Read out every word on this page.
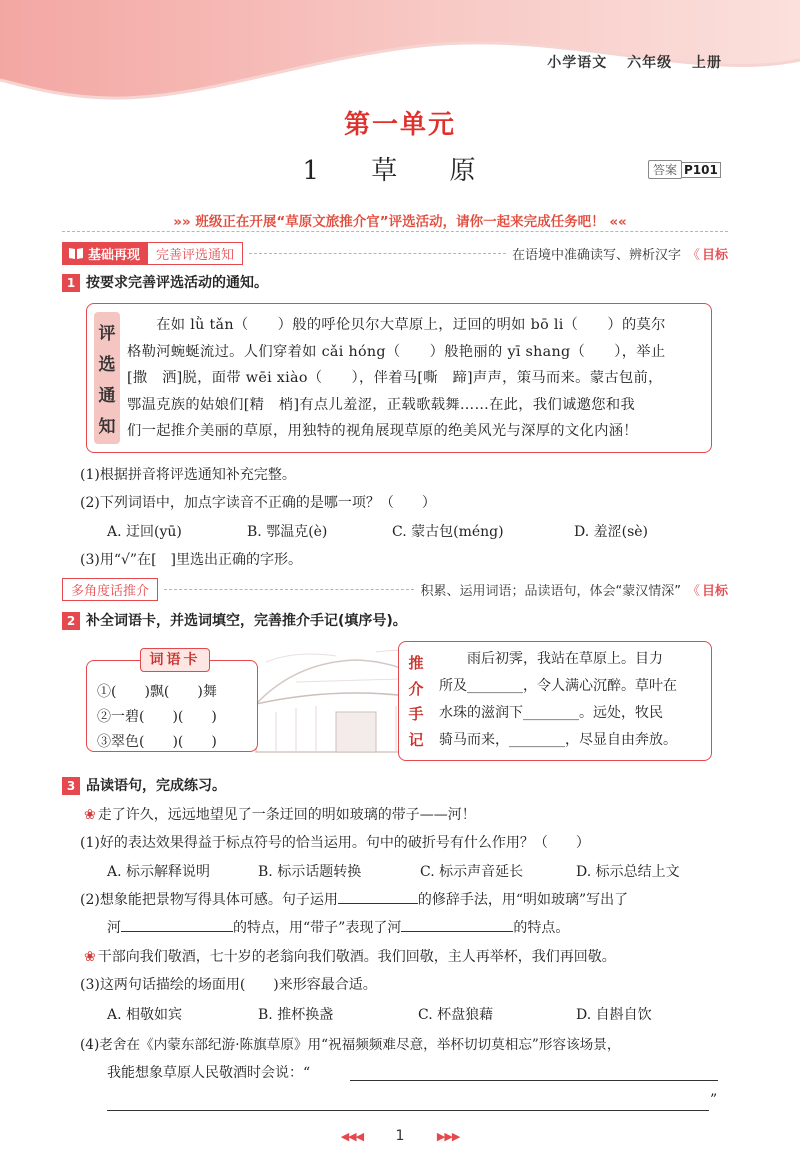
小学语文 六年级 上册
第一单元
1 草 原	答案 P101
»» 班级正在开展“草原文旅推介官”评选活动，请你一起来完成任务吧！ ««
基础再现	完善评选通知	在语境中准确读写、辨析汉字	《 目标
1 按要求完善评选活动的通知。
评
选
通
知
　　在如 lǜ tǎn（　　）般的呼伦贝尔大草原上，迂回的明如 bō li（　　）的莫尔
格勒河蜿蜒流过。人们穿着如 cǎi hóng（　　）般艳丽的 yī shang（　　），举止
[撒　洒]脱，面带 wēi xiào（　　），伴着马[嘶　蹄]声声，策马而来。蒙古包前，
鄂温克族的姑娘们[精　梢]有点儿羞涩，正载歌载舞……在此，我们诚邀您和我
们一起推介美丽的草原，用独特的视角展现草原的绝美风光与深厚的文化内涵！
(1)根据拼音将评选通知补充完整。
(2)下列词语中，加点字读音不正确的是哪一项？（　　）
A. 迂回(yū)	B. 鄂温克(è)	C. 蒙古包(méng)	D. 羞涩(sè)
(3)用“√”在[　]里选出正确的字形。
多角度话推介	积累、运用词语；品读语句，体会“蒙汉情深”	《 目标
2 补全词语卡，并选词填空，完善推介手记(填序号)。
①(　　)飘(　　)舞
②一碧(　　)(　　)
③翠色(　　)(　　)
词语卡	推
介
手
记
　　雨后初霁，我站在草原上。目力
所及________，令人满心沉醉。草叶在
水珠的滋润下________。远处，牧民
骑马而来，________，尽显自由奔放。
3 品读语句，完成练习。
❀ 走了许久，远远地望见了一条迂回的明如玻璃的带子——河！
(1)好的表达效果得益于标点符号的恰当运用。句中的破折号有什么作用？（　　）
A. 标示解释说明	B. 标示话题转换	C. 标示声音延长	D. 标示总结上文
(2)想象能把景物写得具体可感。句子运用	的修辞手法，用“明如玻璃”写出了
河	的特点，用“带子”表现了河	的特点。
❀ 干部向我们敬酒，七十岁的老翁向我们敬酒。我们回敬，主人再举杯，我们再回敬。
(3)这两句话描绘的场面用(　　)来形容最合适。
A. 相敬如宾	B. 推杯换盏	C. 杯盘狼藉	D. 自斟自饮
(4)老舍在《内蒙东部纪游·陈旗草原》用“祝福频频难尽意，举杯切切莫相忘”形容该场景，
我能想象草原人民敬酒时会说：“
”
◀◀◀ 1	▶▶▶
